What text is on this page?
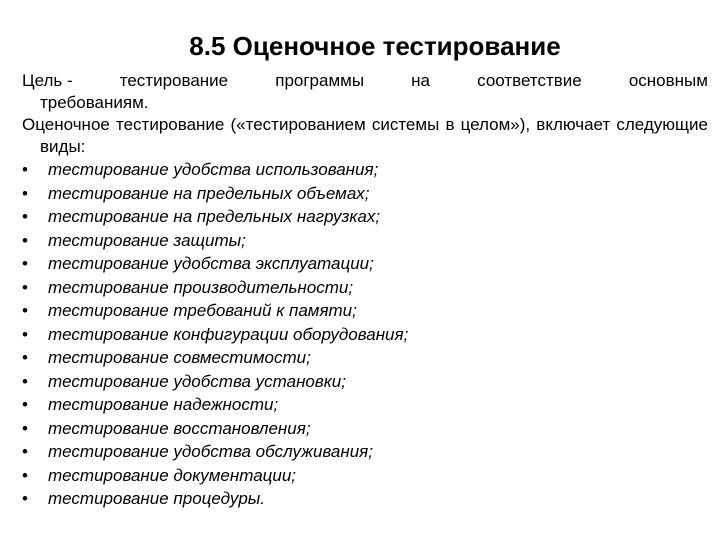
8.5 Оценочное тестирование
Цель -	тестирование	программы	на	соответствие	основным
требованиям.

Оценочное тестирование («тестированием системы в целом»), включает следующие виды:

• тестирование удобства использования;
• тестирование на предельных объемах;
• тестирование на предельных нагрузках;
• тестирование защиты;
• тестирование удобства эксплуатации;
• тестирование производительности;
• тестирование требований к памяти;
• тестирование конфигурации оборудования;
• тестирование совместимости;
• тестирование удобства установки;
• тестирование надежности;
• тестирование восстановления;
• тестирование удобства обслуживания;
• тестирование документации;
• тестирование процедуры.
